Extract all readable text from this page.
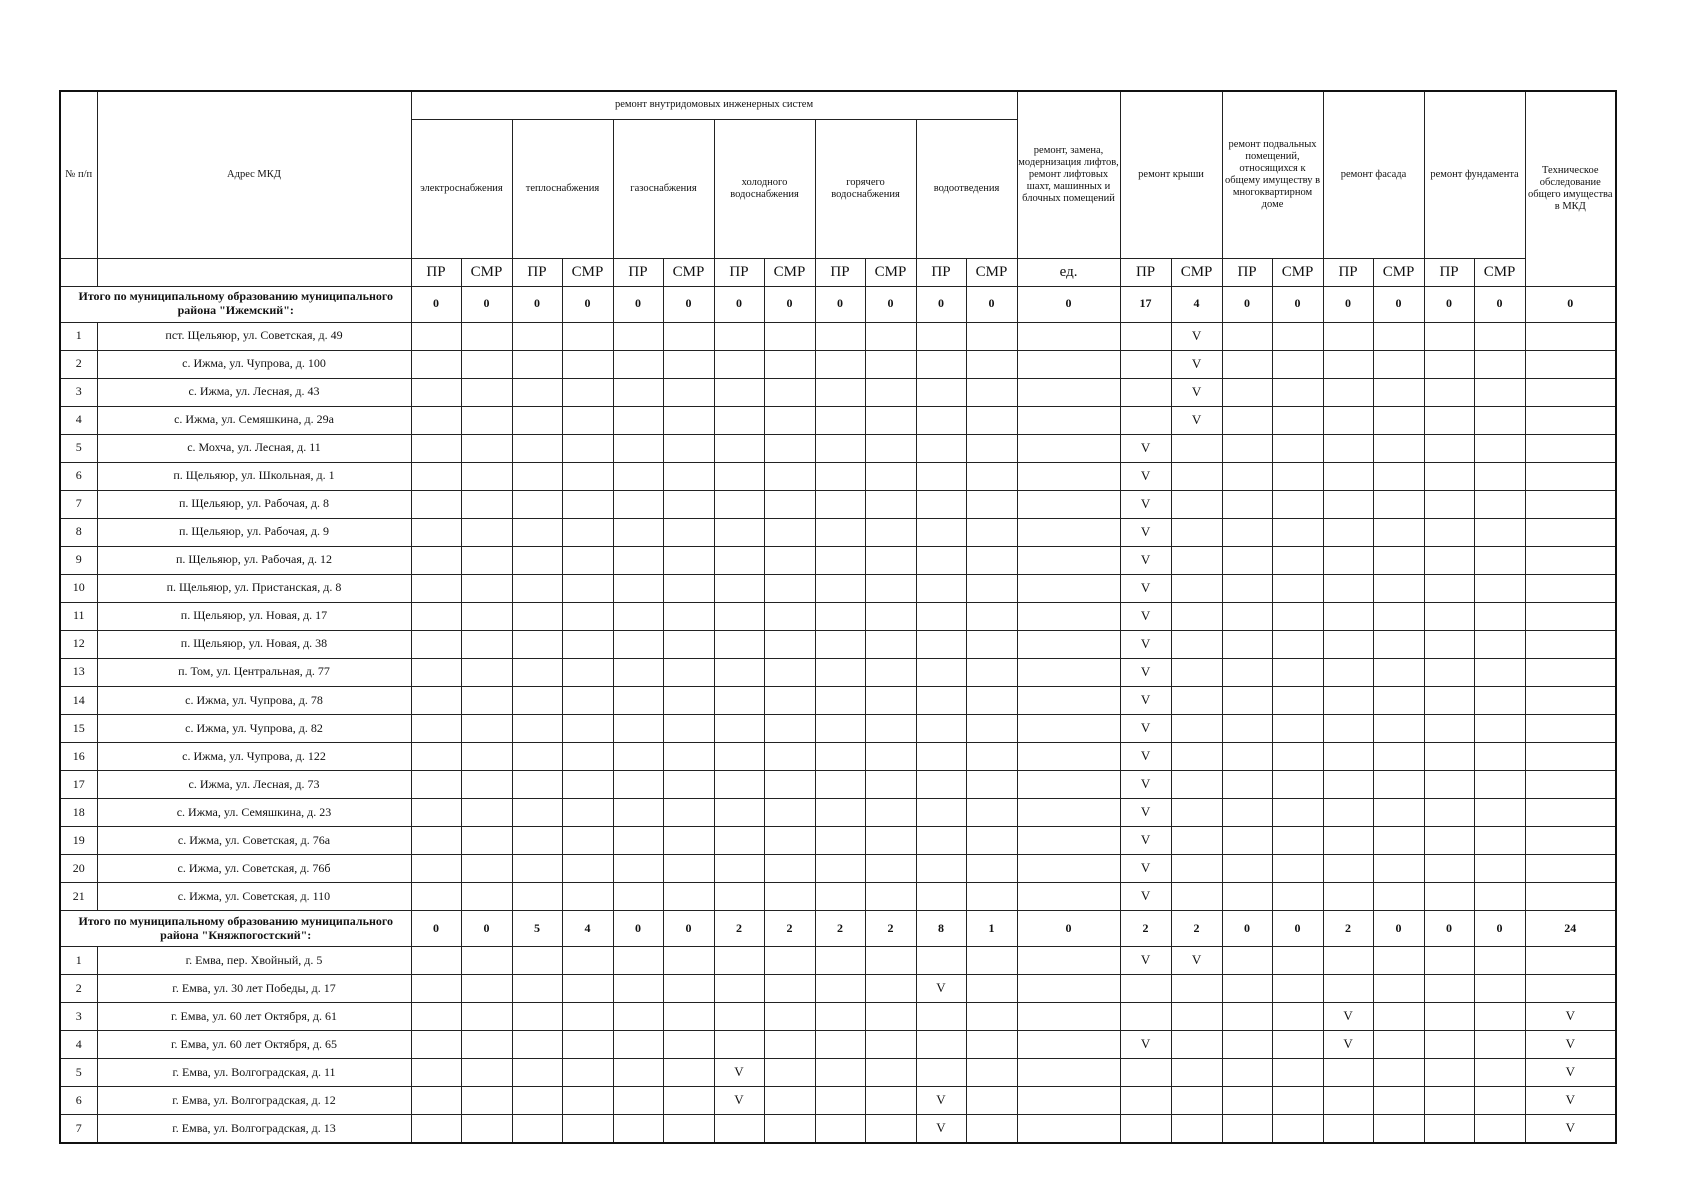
№ п/п	Адрес МКД	ремонт внутридомовых инженерных систем												ремонт, замена, модернизация лифтов, ремонт лифтовых шахт, машинных и блочных помещений	ремонт крыши		ремонт подвальных помещений, относящихся к общему имуществу в многоквартирном доме		ремонт фасада		ремонт фундамента		Техническое обследование общего имущества в МКД
		электроснабжения		теплоснабжения		газоснабжения		холодного водоснабжения		горячего водоснабжения		водоотведения											
		ПР	СМР	ПР	СМР	ПР	СМР	ПР	СМР	ПР	СМР	ПР	СМР	ед.	ПР	СМР	ПР	СМР	ПР	СМР	ПР	СМР	
Итого по муниципальному образованию муниципального района "Ижемский":		0	0	0	0	0	0	0	0	0	0	0	0	0	17	4	0	0	0	0	0	0	0
1	пст. Щельяюр, ул. Советская, д. 49															V							
2	с. Ижма, ул. Чупрова, д. 100															V							
3	с. Ижма, ул. Лесная, д. 43															V							
4	с. Ижма, ул. Семяшкина, д. 29а															V							
5	с. Мохча, ул. Лесная, д. 11														V								
6	п. Щельяюр, ул. Школьная, д. 1														V								
7	п. Щельяюр, ул. Рабочая, д. 8														V								
8	п. Щельяюр, ул. Рабочая, д. 9														V								
9	п. Щельяюр, ул. Рабочая, д. 12														V								
10	п. Щельяюр, ул. Пристанская, д. 8														V								
11	п. Щельяюр, ул. Новая, д. 17														V								
12	п. Щельяюр, ул. Новая, д. 38														V								
13	п. Том, ул. Центральная, д. 77														V								
14	с. Ижма, ул. Чупрова, д. 78														V								
15	с. Ижма, ул. Чупрова, д. 82														V								
16	с. Ижма, ул. Чупрова, д. 122														V								
17	с. Ижма, ул. Лесная, д. 73														V								
18	с. Ижма, ул. Семяшкина, д. 23														V								
19	с. Ижма, ул. Советская, д. 76а														V								
20	с. Ижма, ул. Советская, д. 76б														V								
21	с. Ижма, ул. Советская, д. 110														V								
Итого по муниципальному образованию муниципального района "Княжпогостский":		0	0	5	4	0	0	2	2	2	2	8	1	0	2	2	0	0	2	0	0	0	24
1	г. Емва, пер. Хвойный, д. 5														V	V							
2	г. Емва, ул. 30 лет Победы, д. 17											V											
3	г. Емва, ул. 60 лет Октября, д. 61																		V				V
4	г. Емва, ул. 60 лет Октября, д. 65														V				V				V
5	г. Емва, ул. Волгоградская, д. 11							V															V
6	г. Емва, ул. Волгоградская, д. 12							V				V											V
7	г. Емва, ул. Волгоградская, д. 13											V											V
